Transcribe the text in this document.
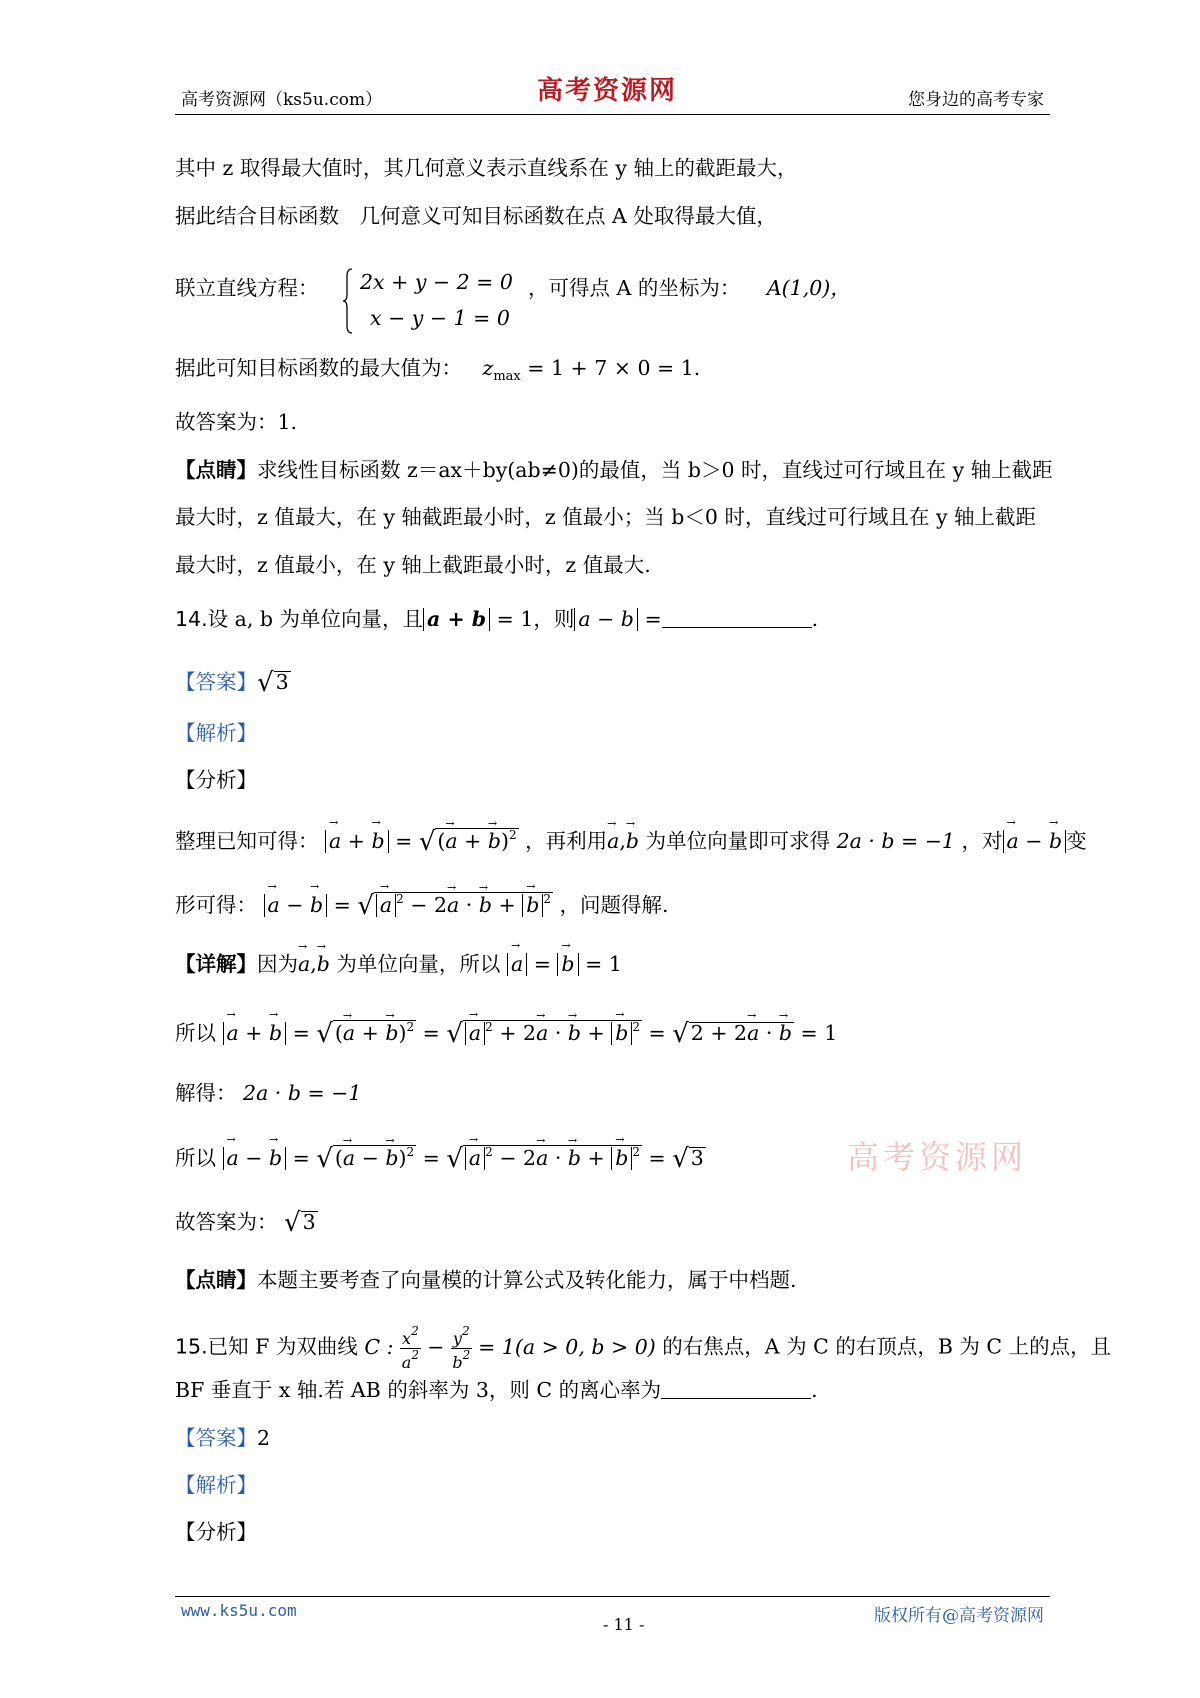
高考资源网（ks5u.com）	高考资源网	您身边的高考专家
其中 z 取得最大值时，其几何意义表示直线系在 y 轴上的截距最大，
据此结合目标函数　几何意义可知目标函数在点 A 处取得最大值，
联立直线方程： 2x + y − 2 = 0
x − y − 1 = 0
，可得点 A 的坐标为： A(1,0)，
据此可知目标函数的最大值为： $z_{max} = 1 + 7 \times 0 = 1$.
故答案为：1.
【点睛】求线性目标函数 z＝ax＋by(ab≠0)的最值，当 b＞0 时，直线过可行域且在 y 轴上截距
最大时，z 值最大，在 y 轴截距最小时，z 值最小；当 b＜0 时，直线过可行域且在 y 轴上截距
最大时，z 值最小，在 y 轴上截距最小时，z 值最大.
14.设 a, b 为单位向量，且 a + b = 1，则 a − b =	.
【答案】√3
【解析】
【分析】
整理已知可得： → a + → b = √(→ a + → b)$^2$ ，再利用→ a,→ b 为单位向量即可求得 2a · b = −1 ，对 → a − → b 变
形可得： → a − → b = √ → a $^2$ − 2→ a · → b + → b $^2$ ，问题得解.
【详解】因为→ a,→ b 为单位向量，所以 → a = → b = 1
所以 → a + → b = √(→ a + → b)$^2$ = √ → a $^2$ + 2→ a · → b + → b $^2$ = √2 + 2→ a · → b = 1
解得： 2a · b = −1
所以 → a − → b = √(→ a − → b)$^2$ = √ → a $^2$ − 2→ a · → b + → b $^2$ = √3
故答案为： √3
【点睛】本题主要考查了向量模的计算公式及转化能力，属于中档题.
15.已知 F 为双曲线 C : $\frac{x^2}{a^2} - \frac{y^2}{b^2} = 1(a > 0$, b > 0) 的右焦点，A 为 C 的右顶点，B 为 C 上的点，且
BF 垂直于 x 轴.若 AB 的斜率为 3，则 C 的离心率为	.
【答案】2
【解析】
【分析】
高考资源网
www.ks5u.com
- 11 -	版权所有@高考资源网
